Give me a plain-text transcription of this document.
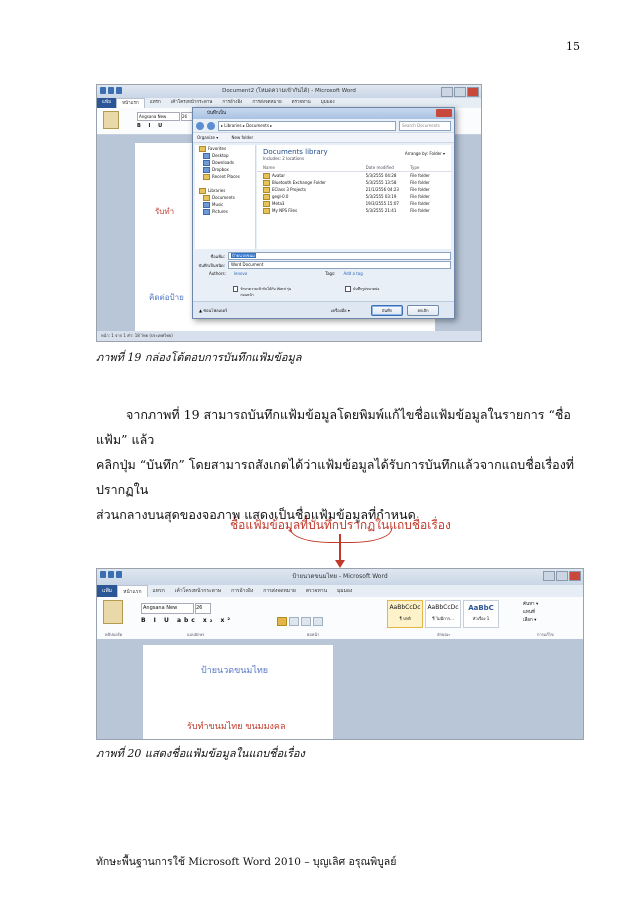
15
Document2 (โหมดความเข้ากันได้) - Microsoft Word
แฟ้ม	หน้าแรก	แทรก	เค้าโครงหน้ากระดาษ	การอ้างอิง	การส่งจดหมาย	ตรวจทาน	มุมมอง
Angsana New	26
B I U
รับทำ
คิดต่อป้าย
บันทึกเป็น
▸ Libraries ▸ Documents ▸	Search Documents
Organize ▾	New folder
Favorites
Desktop
Downloads
Dropbox
Recent Places
Libraries
Documents
Music
Pictures
Documents library
Includes: 2 locations
Arrange by: Folder ▾
Name	Date modified	Type
Avatar	5/3/2555 04:28	File folder
Bluetooth Exchange Folder	5/3/2555 13:58	File folder
EClass 3 Projects	21/1/2556 04:23	File folder
gegl-0.0	5/3/2555 03:19	File folder
Meta3	19/3/2555 15:07	File folder
My NPS Files	5/3/2555 21:41	File folder
ชื่อแฟ้ม:	ป้ายนวดขนม
บันทึกเป็นชนิด:	Word Document
Authors: lenovo	Tags: Add a tag
รักษาความเข้ากันได้กับ Word รุ่นก่อนหน้า
บันทึกรูปขนาดย่อ
▲ ซ่อนโฟลเดอร์	เครื่องมือ ▾	บันทึก	ยกเลิก
หน้า: 1 จาก 1 คำ: 18 ไทย (ประเทศไทย)
ภาพที่ 19 กล่องโต้ตอบการบันทึกแฟ้มข้อมูล

จากภาพที่ 19 สามารถบันทึกแฟ้มข้อมูลโดยพิมพ์แก้ไขชื่อแฟ้มข้อมูลในรายการ “ชื่อแฟ้ม” แล้ว

คลิกปุ่ม “บันทึก” โดยสามารถสังเกตได้ว่าแฟ้มข้อมูลได้รับการบันทึกแล้วจากแถบชื่อเรื่องที่ปรากฏใน

ส่วนกลางบนสุดของจอภาพ แสดงเป็นชื่อแฟ้มข้อมูลที่กำหนด

ชื่อแฟ้มข้อมูลที่บันทึกปรากฏในแถบชื่อเรื่อง
ป้ายนวดขนมไทย - Microsoft Word
แฟ้ม	หน้าแรก	แทรก	เค้าโครงหน้ากระดาษ	การอ้างอิง	การส่งจดหมาย	ตรวจทาน	มุมมอง
Angsana New	26
B I U abc x₂ x²
AaBbCcDc
¶ ปกติ
AaBbCcDc
¶ ไม่มีการ...
AaBbC
หัวเรื่อง 1
ค้นหา ▾
แทนที่
เลือก ▾
คลิปบอร์ด	แบบอักษร	ย่อหน้า	ลักษณะ	การแก้ไข
ป้ายนวดขนมไทย
รับทำขนมไทย ขนมมงคล
ภาพที่ 20 แสดงชื่อแฟ้มข้อมูลในแถบชื่อเรื่อง
ทักษะพื้นฐานการใช้ Microsoft Word 2010 – บุญเลิศ อรุณพิบูลย์
